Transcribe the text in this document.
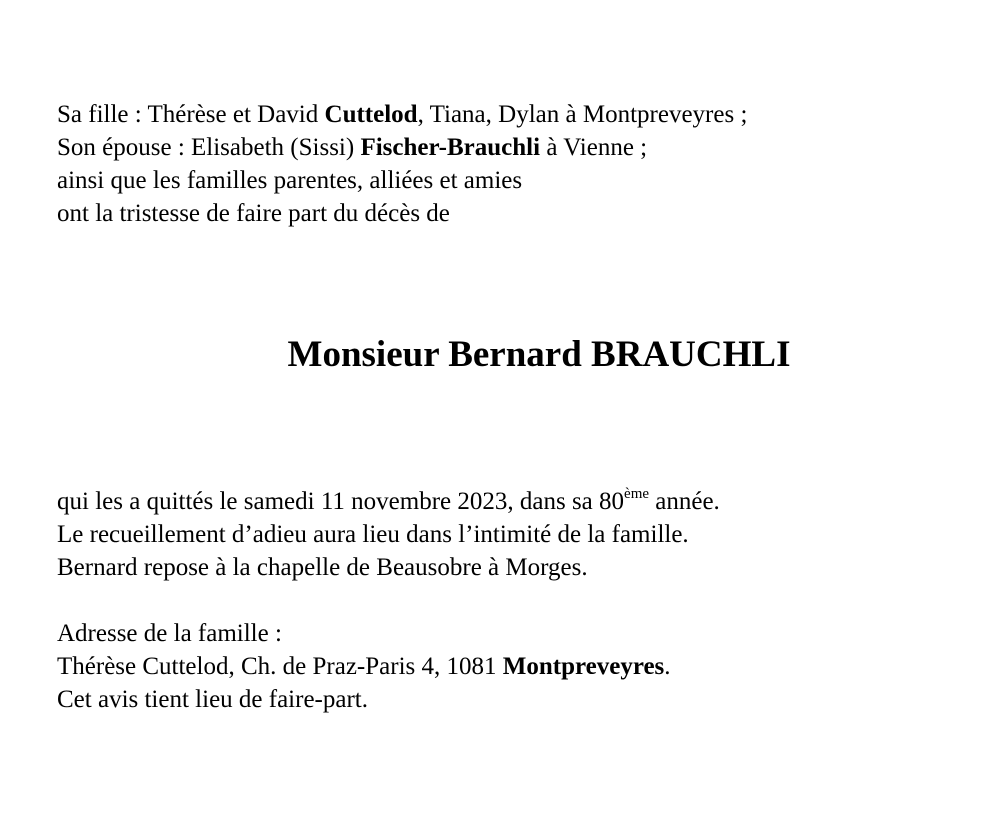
Sa fille : Thérèse et David Cuttelod, Tiana, Dylan à Montpreveyres ;

Son épouse : Elisabeth (Sissi) Fischer-Brauchli à Vienne ;

ainsi que les familles parentes, alliées et amies

ont la tristesse de faire part du décès de

Monsieur Bernard BRAUCHLI

qui les a quittés le samedi 11 novembre 2023, dans sa 80ème année.

Le recueillement d’adieu aura lieu dans l’intimité de la famille.

Bernard repose à la chapelle de Beausobre à Morges.

Adresse de la famille :

Thérèse Cuttelod, Ch. de Praz-Paris 4, 1081 Montpreveyres.

Cet avis tient lieu de faire-part.
